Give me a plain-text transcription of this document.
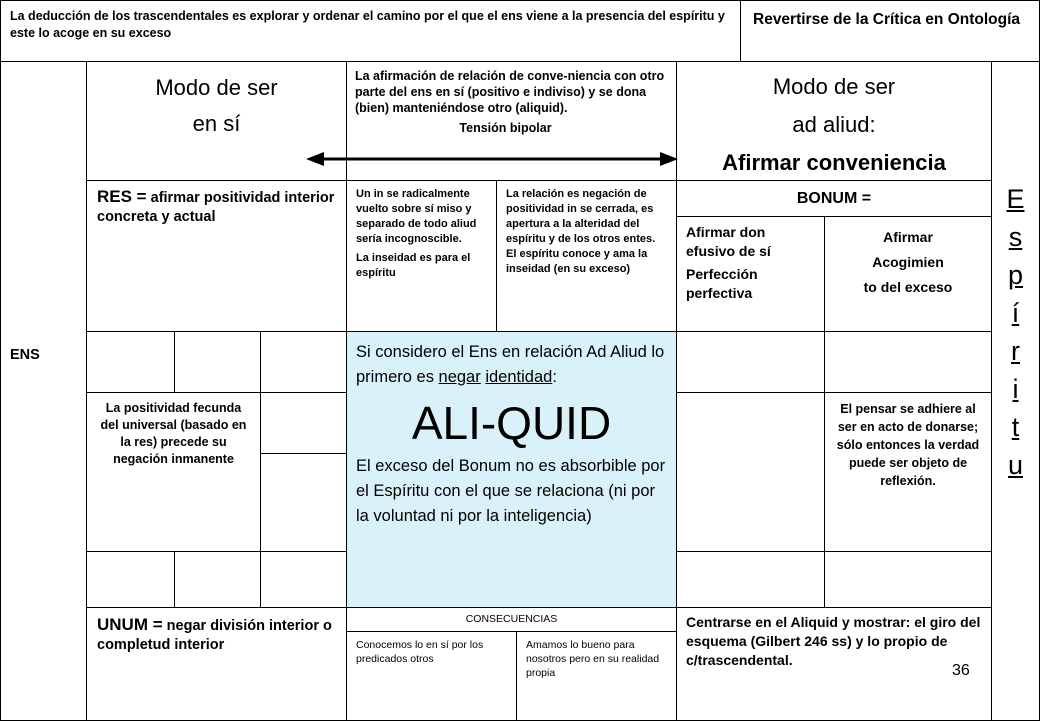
La deducción de los trascendentales es explorar y ordenar el camino por el que el ens viene a la presencia del espíritu y este lo acoge en su exceso
Revertirse de la Crítica en Ontología
ENS
E
s
p
í
r
i
t
u
Modo de ser
en sí
La afirmación de relación de conve-niencia con otro parte del ens en sí (positivo e indiviso) y se dona (bien) manteniéndose otro (aliquid).
Tensión bipolar
Modo de ser
ad aliud:
Afirmar conveniencia
RES = afirmar positividad interior concreta y actual
Un in se radicalmente vuelto sobre sí miso y separado de todo aliud sería incognoscible.
La inseidad es para el espíritu
La relación es negación de positividad in se cerrada, es apertura a la alteridad del espíritu y de los otros entes. El espíritu conoce y ama la inseidad (en su exceso)
BONUM =
Afirmar don efusivo de sí
Perfección perfectiva
Afirmar
Acogimien
to del exceso
La positividad fecunda del universal (basado en la res) precede su negación inmanente
El pensar se adhiere al ser en acto de donarse; sólo entonces la verdad puede ser objeto de reflexión.
Si considero el Ens en relación Ad Aliud lo primero es negar identidad:
ALI-QUID
El exceso del Bonum no es absorbible por el Espíritu con el que se relaciona (ni por la voluntad ni por la inteligencia)
UNUM = negar división interior o completud interior
CONSECUENCIAS
Conocemos lo en sí por los predicados otros
Amamos lo bueno para nosotros pero en su realidad propia
Centrarse en el Aliquid y mostrar: el giro del esquema (Gilbert 246 ss) y lo propio de c/trascendental.
36
